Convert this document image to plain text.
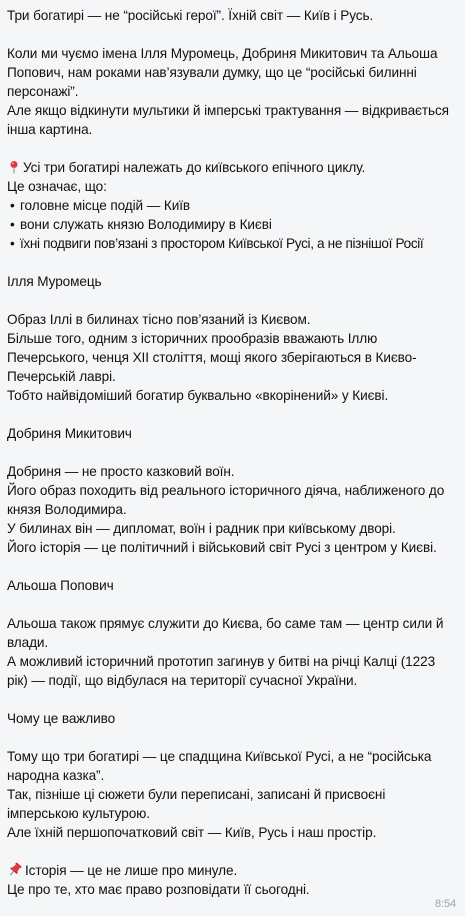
Три богатирі — не “російські герої”. Їхній світ — Київ і Русь.

Коли ми чуємо імена Ілля Муромець, Добриня Микитович та Альоша Попович, нам роками нав’язували думку, що це “російські билинні персонажі”.

Але якщо відкинути мультики й імперські трактування — відкривається інша картина.

Усі три богатирі належать до київського епічного циклу.

Це означає, що:

• головне місце подій — Київ
• вони служать князю Володимиру в Києві
• їхні подвиги пов’язані з простором Київської Русі, а не пізнішої Росії

Ілля Муромець

Образ Іллі в билинах тісно пов’язаний із Києвом.

Більше того, одним з історичних прообразів вважають Іллю Печерського, ченця ХІІ століття, мощі якого зберігаються в Києво-Печерській лаврі.

Тобто найвідоміший богатир буквально «вкорінений» у Києві.

Добриня Микитович

Добриня — не просто казковий воїн.

Його образ походить від реального історичного діяча, наближеного до князя Володимира.

У билинах він — дипломат, воїн і радник при київському дворі.

Його історія — це політичний і військовий світ Русі з центром у Києві.

Альоша Попович

Альоша також прямує служити до Києва, бо саме там — центр сили й влади.

А можливий історичний прототип загинув у битві на річці Калці (1223 рік) — події, що відбулася на території сучасної України.

Чому це важливо

Тому що три богатирі — це спадщина Київської Русі, а не “російська народна казка”.

Так, пізніше ці сюжети були переписані, записані й присвоєні імперською культурою.

Але їхній першопочатковий світ — Київ, Русь і наш простір.

Історія — це не лише про минуле.

Це про те, хто має право розповідати її сьогодні.

8:54
